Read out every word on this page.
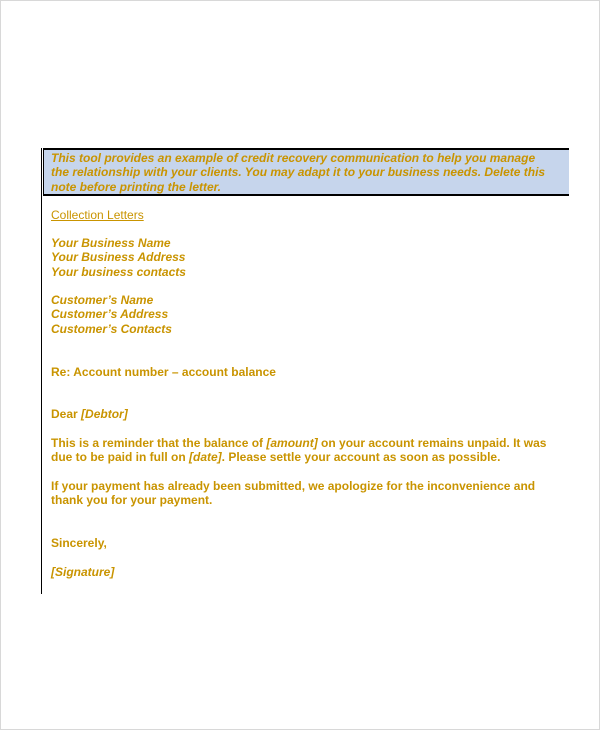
This tool provides an example of credit recovery communication to help you manage
the relationship with your clients. You may adapt it to your business needs. Delete this
note before printing the letter.
Collection Letters
Your Business Name
Your Business Address
Your business contacts
Customer’s Name
Customer’s Address
Customer’s Contacts
Re: Account number – account balance
Dear [Debtor]
This is a reminder that the balance of [amount] on your account remains unpaid. It was
due to be paid in full on [date]. Please settle your account as soon as possible.
If your payment has already been submitted, we apologize for the inconvenience and
thank you for your payment.
Sincerely,
[Signature]
